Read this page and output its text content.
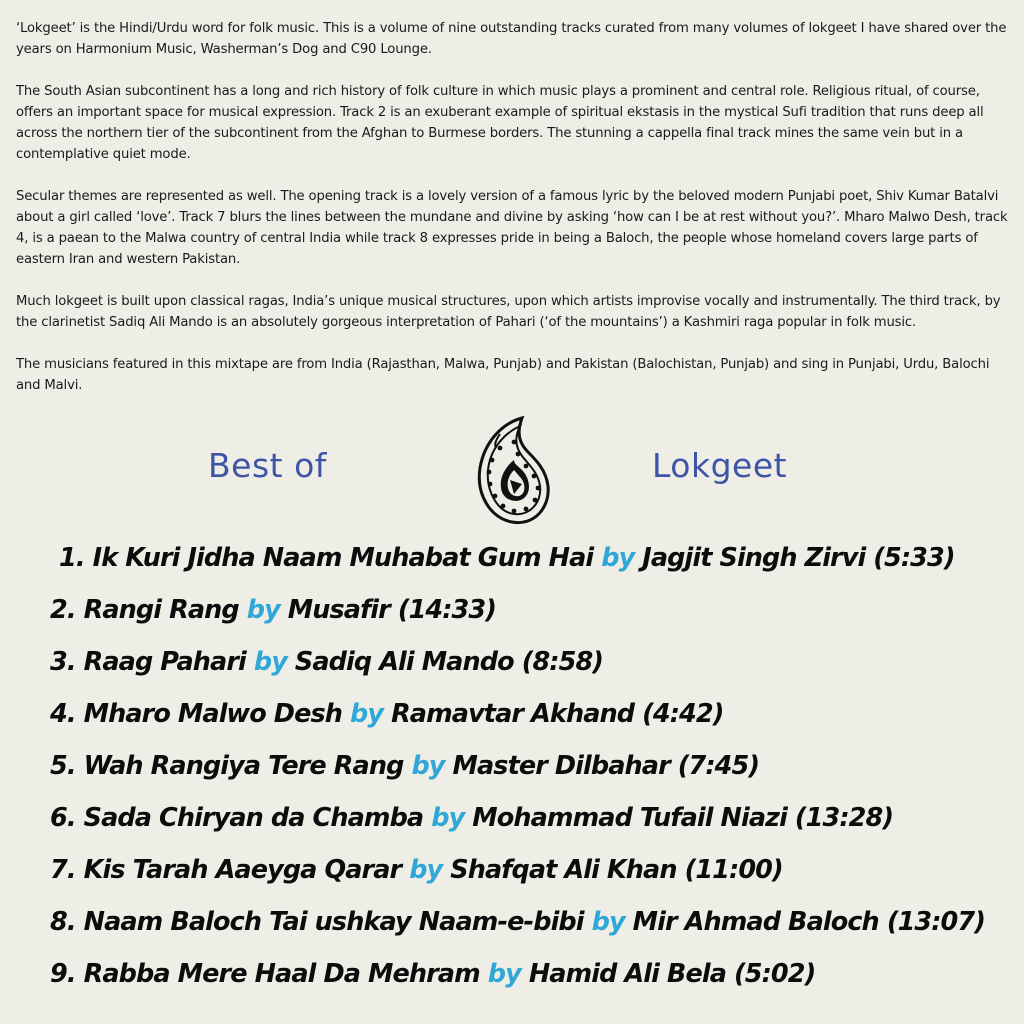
‘Lokgeet’ is the Hindi/Urdu word for folk music. This is a volume of nine outstanding tracks curated from many volumes of lokgeet I have shared over the years on Harmonium Music, Washerman’s Dog and C90 Lounge.

The South Asian subcontinent has a long and rich history of folk culture in which music plays a prominent and central role. Religious ritual, of course, offers an important space for musical expression. Track 2 is an exuberant example of spiritual ekstasis in the mystical Sufi tradition that runs deep all across the northern tier of the subcontinent from the Afghan to Burmese borders. The stunning a cappella final track mines the same vein but in a contemplative quiet mode.

Secular themes are represented as well. The opening track is a lovely version of a famous lyric by the beloved modern Punjabi poet, Shiv Kumar Batalvi about a girl called ‘love’. Track 7 blurs the lines between the mundane and divine by asking ‘how can I be at rest without you?’. Mharo Malwo Desh, track 4, is a paean to the Malwa country of central India while track 8 expresses pride in being a Baloch, the people whose homeland covers large parts of eastern Iran and western Pakistan.

Much lokgeet is built upon classical ragas, India’s unique musical structures, upon which artists improvise vocally and instrumentally. The third track, by the clarinetist Sadiq Ali Mando is an absolutely gorgeous interpretation of Pahari (‘of the mountains’) a Kashmiri raga popular in folk music.

The musicians featured in this mixtape are from India (Rajasthan, Malwa, Punjab) and Pakistan (Balochistan, Punjab) and sing in Punjabi, Urdu, Balochi and Malvi.

Best of	Lokgeet
1. Ik Kuri Jidha Naam Muhabat Gum Hai by Jagjit Singh Zirvi (5:33)
2. Rangi Rang by Musafir (14:33)
3. Raag Pahari by Sadiq Ali Mando (8:58)
4. Mharo Malwo Desh by Ramavtar Akhand (4:42)
5. Wah Rangiya Tere Rang by Master Dilbahar (7:45)
6. Sada Chiryan da Chamba by Mohammad Tufail Niazi (13:28)
7. Kis Tarah Aaeyga Qarar by Shafqat Ali Khan (11:00)
8. Naam Baloch Tai ushkay Naam-e-bibi by Mir Ahmad Baloch (13:07)
9. Rabba Mere Haal Da Mehram by Hamid Ali Bela (5:02)
